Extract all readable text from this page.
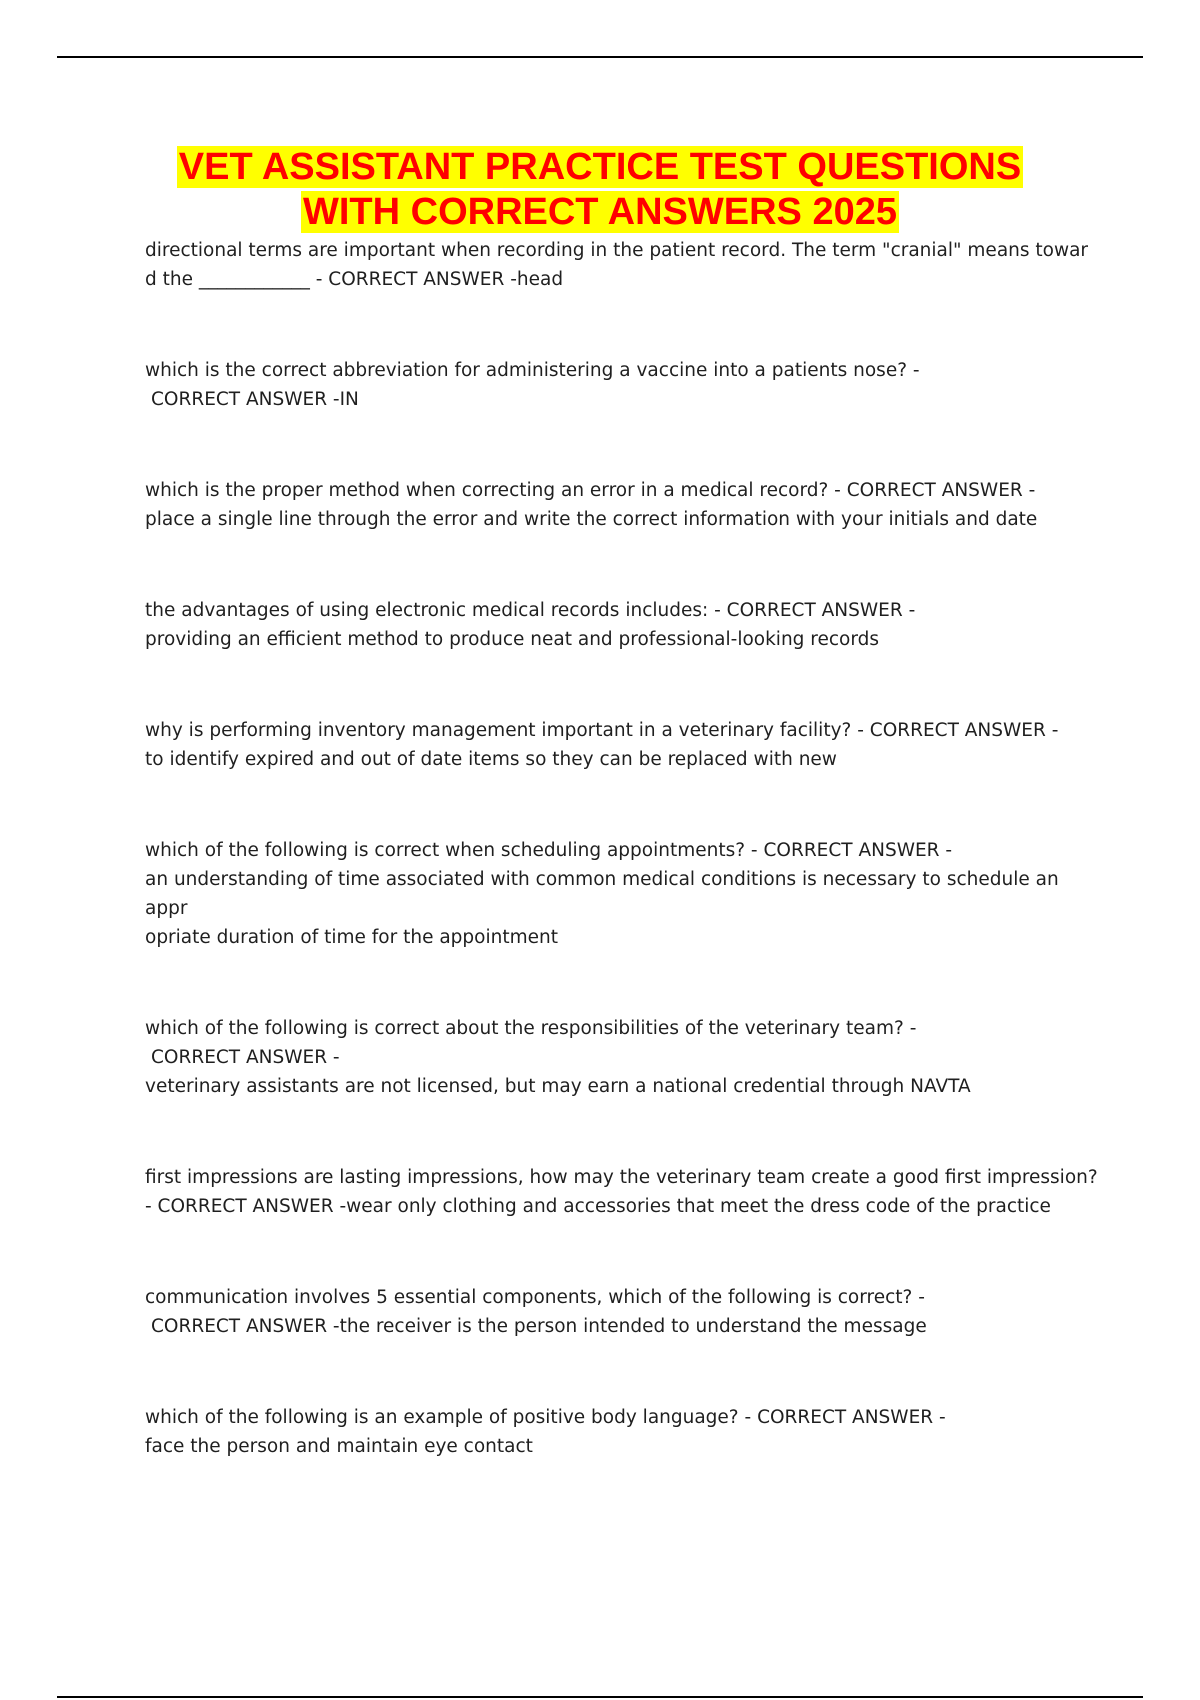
VET ASSISTANT PRACTICE TEST QUESTIONS
WITH CORRECT ANSWERS 2025
directional terms are important when recording in the patient record. The term "cranial" means towar
d the ____________ - CORRECT ANSWER -head
which is the correct abbreviation for administering a vaccine into a patients nose? -
CORRECT ANSWER -IN
which is the proper method when correcting an error in a medical record? - CORRECT ANSWER -
place a single line through the error and write the correct information with your initials and date
the advantages of using electronic medical records includes: - CORRECT ANSWER -
providing an efficient method to produce neat and professional-looking records
why is performing inventory management important in a veterinary facility? - CORRECT ANSWER -
to identify expired and out of date items so they can be replaced with new
which of the following is correct when scheduling appointments? - CORRECT ANSWER -
an understanding of time associated with common medical conditions is necessary to schedule an appr
opriate duration of time for the appointment
which of the following is correct about the responsibilities of the veterinary team? -
CORRECT ANSWER -
veterinary assistants are not licensed, but may earn a national credential through NAVTA
first impressions are lasting impressions, how may the veterinary team create a good first impression?
- CORRECT ANSWER -wear only clothing and accessories that meet the dress code of the practice
communication involves 5 essential components, which of the following is correct? -
CORRECT ANSWER -the receiver is the person intended to understand the message
which of the following is an example of positive body language? - CORRECT ANSWER -
face the person and maintain eye contact
